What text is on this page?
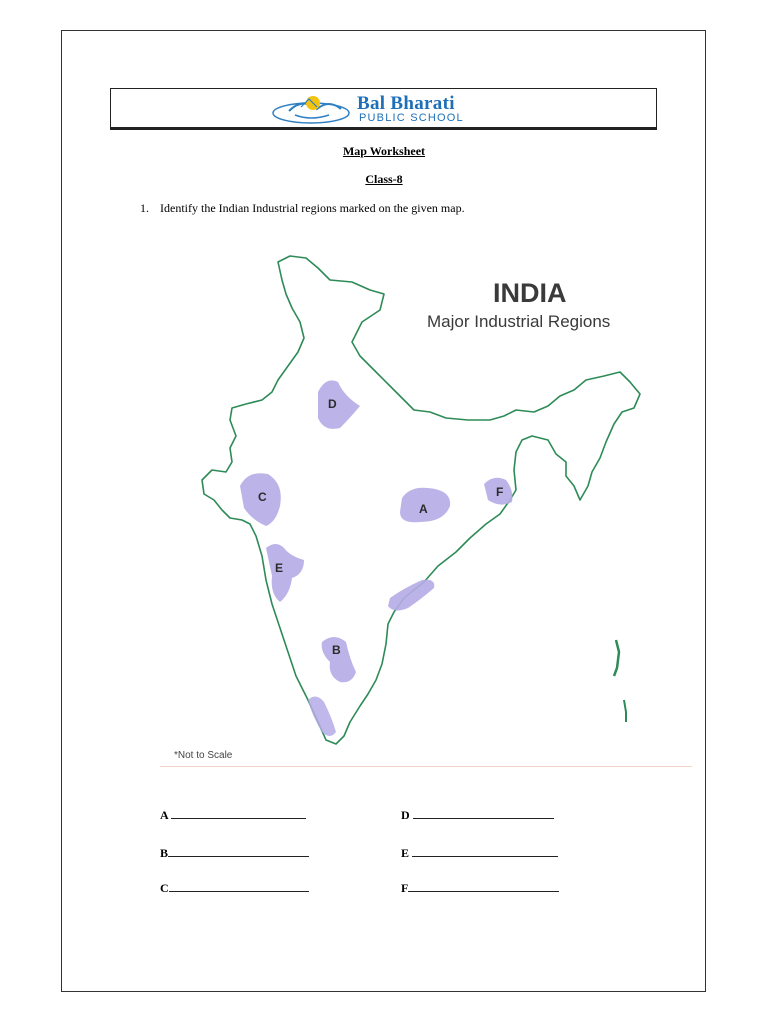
Bal Bharati
PUBLIC SCHOOL
Map Worksheet
Class-8
1. Identify the Indian Industrial regions marked on the given map.
A
B
C
D
E
F
INDIA
Major Industrial Regions
*Not to Scale
A
B
C
D
E
F
